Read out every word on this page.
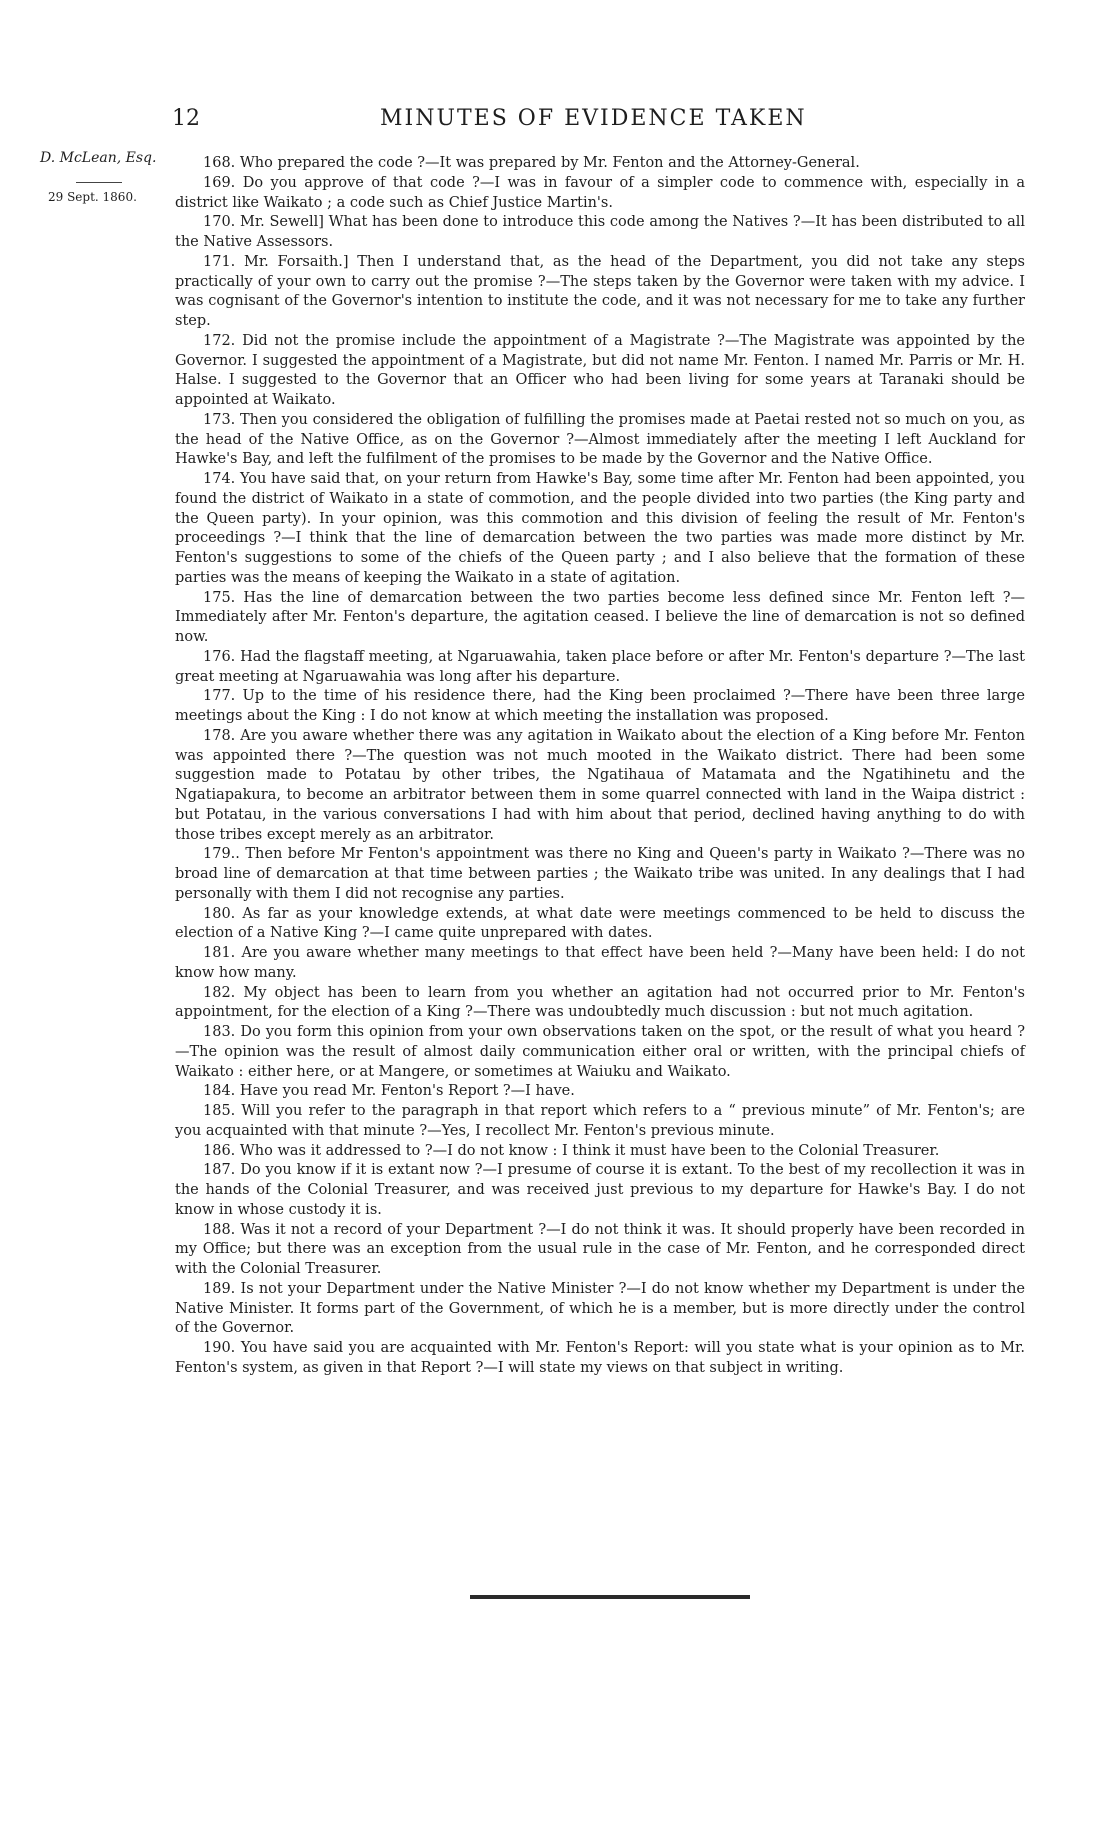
12	MINUTES OF EVIDENCE TAKEN
D. McLean, Esq.
29 Sept. 1860.

168. Who prepared the code ?—It was prepared by Mr. Fenton and the Attorney-General.

169. Do you approve of that code ?—I was in favour of a simpler code to commence with, especially in a district like Waikato ; a code such as Chief Justice Martin's.

170. Mr. Sewell] What has been done to introduce this code among the Natives ?—It has been distributed to all the Native Assessors.

171. Mr. Forsaith.] Then I understand that, as the head of the Department, you did not take any steps practically of your own to carry out the promise ?—The steps taken by the Governor were taken with my advice. I was cognisant of the Governor's intention to institute the code, and it was not necessary for me to take any further step.

172. Did not the promise include the appointment of a Magistrate ?—The Magistrate was appointed by the Governor. I suggested the appointment of a Magistrate, but did not name Mr. Fenton. I named Mr. Parris or Mr. H. Halse. I suggested to the Governor that an Officer who had been living for some years at Taranaki should be appointed at Waikato.

173. Then you considered the obligation of fulfilling the promises made at Paetai rested not so much on you, as the head of the Native Office, as on the Governor ?—Almost immediately after the meeting I left Auckland for Hawke's Bay, and left the fulfilment of the promises to be made by the Governor and the Native Office.

174. You have said that, on your return from Hawke's Bay, some time after Mr. Fenton had been appointed, you found the district of Waikato in a state of commotion, and the people divided into two parties (the King party and the Queen party). In your opinion, was this commotion and this division of feeling the result of Mr. Fenton's proceedings ?—I think that the line of demarcation between the two parties was made more distinct by Mr. Fenton's suggestions to some of the chiefs of the Queen party ; and I also believe that the formation of these parties was the means of keeping the Waikato in a state of agitation.

175. Has the line of demarcation between the two parties become less defined since Mr. Fenton left ?—Immediately after Mr. Fenton's departure, the agitation ceased. I believe the line of demarcation is not so defined now.

176. Had the flagstaff meeting, at Ngaruawahia, taken place before or after Mr. Fenton's departure ?—The last great meeting at Ngaruawahia was long after his departure.

177. Up to the time of his residence there, had the King been proclaimed ?—There have been three large meetings about the King : I do not know at which meeting the installation was proposed.

178. Are you aware whether there was any agitation in Waikato about the election of a King before Mr. Fenton was appointed there ?—The question was not much mooted in the Waikato district. There had been some suggestion made to Potatau by other tribes, the Ngatihaua of Matamata and the Ngatihinetu and the Ngatiapakura, to become an arbitrator between them in some quarrel connected with land in the Waipa district : but Potatau, in the various conversations I had with him about that period, declined having anything to do with those tribes except merely as an arbitrator.

179.. Then before Mr Fenton's appointment was there no King and Queen's party in Waikato ?—There was no broad line of demarcation at that time between parties ; the Waikato tribe was united. In any dealings that I had personally with them I did not recognise any parties.

180. As far as your knowledge extends, at what date were meetings commenced to be held to discuss the election of a Native King ?—I came quite unprepared with dates.

181. Are you aware whether many meetings to that effect have been held ?—Many have been held: I do not know how many.

182. My object has been to learn from you whether an agitation had not occurred prior to Mr. Fenton's appointment, for the election of a King ?—There was undoubtedly much discussion : but not much agitation.

183. Do you form this opinion from your own observations taken on the spot, or the result of what you heard ?—The opinion was the result of almost daily communication either oral or written, with the principal chiefs of Waikato : either here, or at Mangere, or sometimes at Waiuku and Waikato.

184. Have you read Mr. Fenton's Report ?—I have.

185. Will you refer to the paragraph in that report which refers to a “ previous minute” of Mr. Fenton's; are you acquainted with that minute ?—Yes, I recollect Mr. Fenton's previous minute.

186. Who was it addressed to ?—I do not know : I think it must have been to the Colonial Treasurer.

187. Do you know if it is extant now ?—I presume of course it is extant. To the best of my recollection it was in the hands of the Colonial Treasurer, and was received just previous to my departure for Hawke's Bay. I do not know in whose custody it is.

188. Was it not a record of your Department ?—I do not think it was. It should properly have been recorded in my Office; but there was an exception from the usual rule in the case of Mr. Fenton, and he corresponded direct with the Colonial Treasurer.

189. Is not your Department under the Native Minister ?—I do not know whether my Department is under the Native Minister. It forms part of the Government, of which he is a member, but is more directly under the control of the Governor.

190. You have said you are acquainted with Mr. Fenton's Report: will you state what is your opinion as to Mr. Fenton's system, as given in that Report ?—I will state my views on that subject in writing.
